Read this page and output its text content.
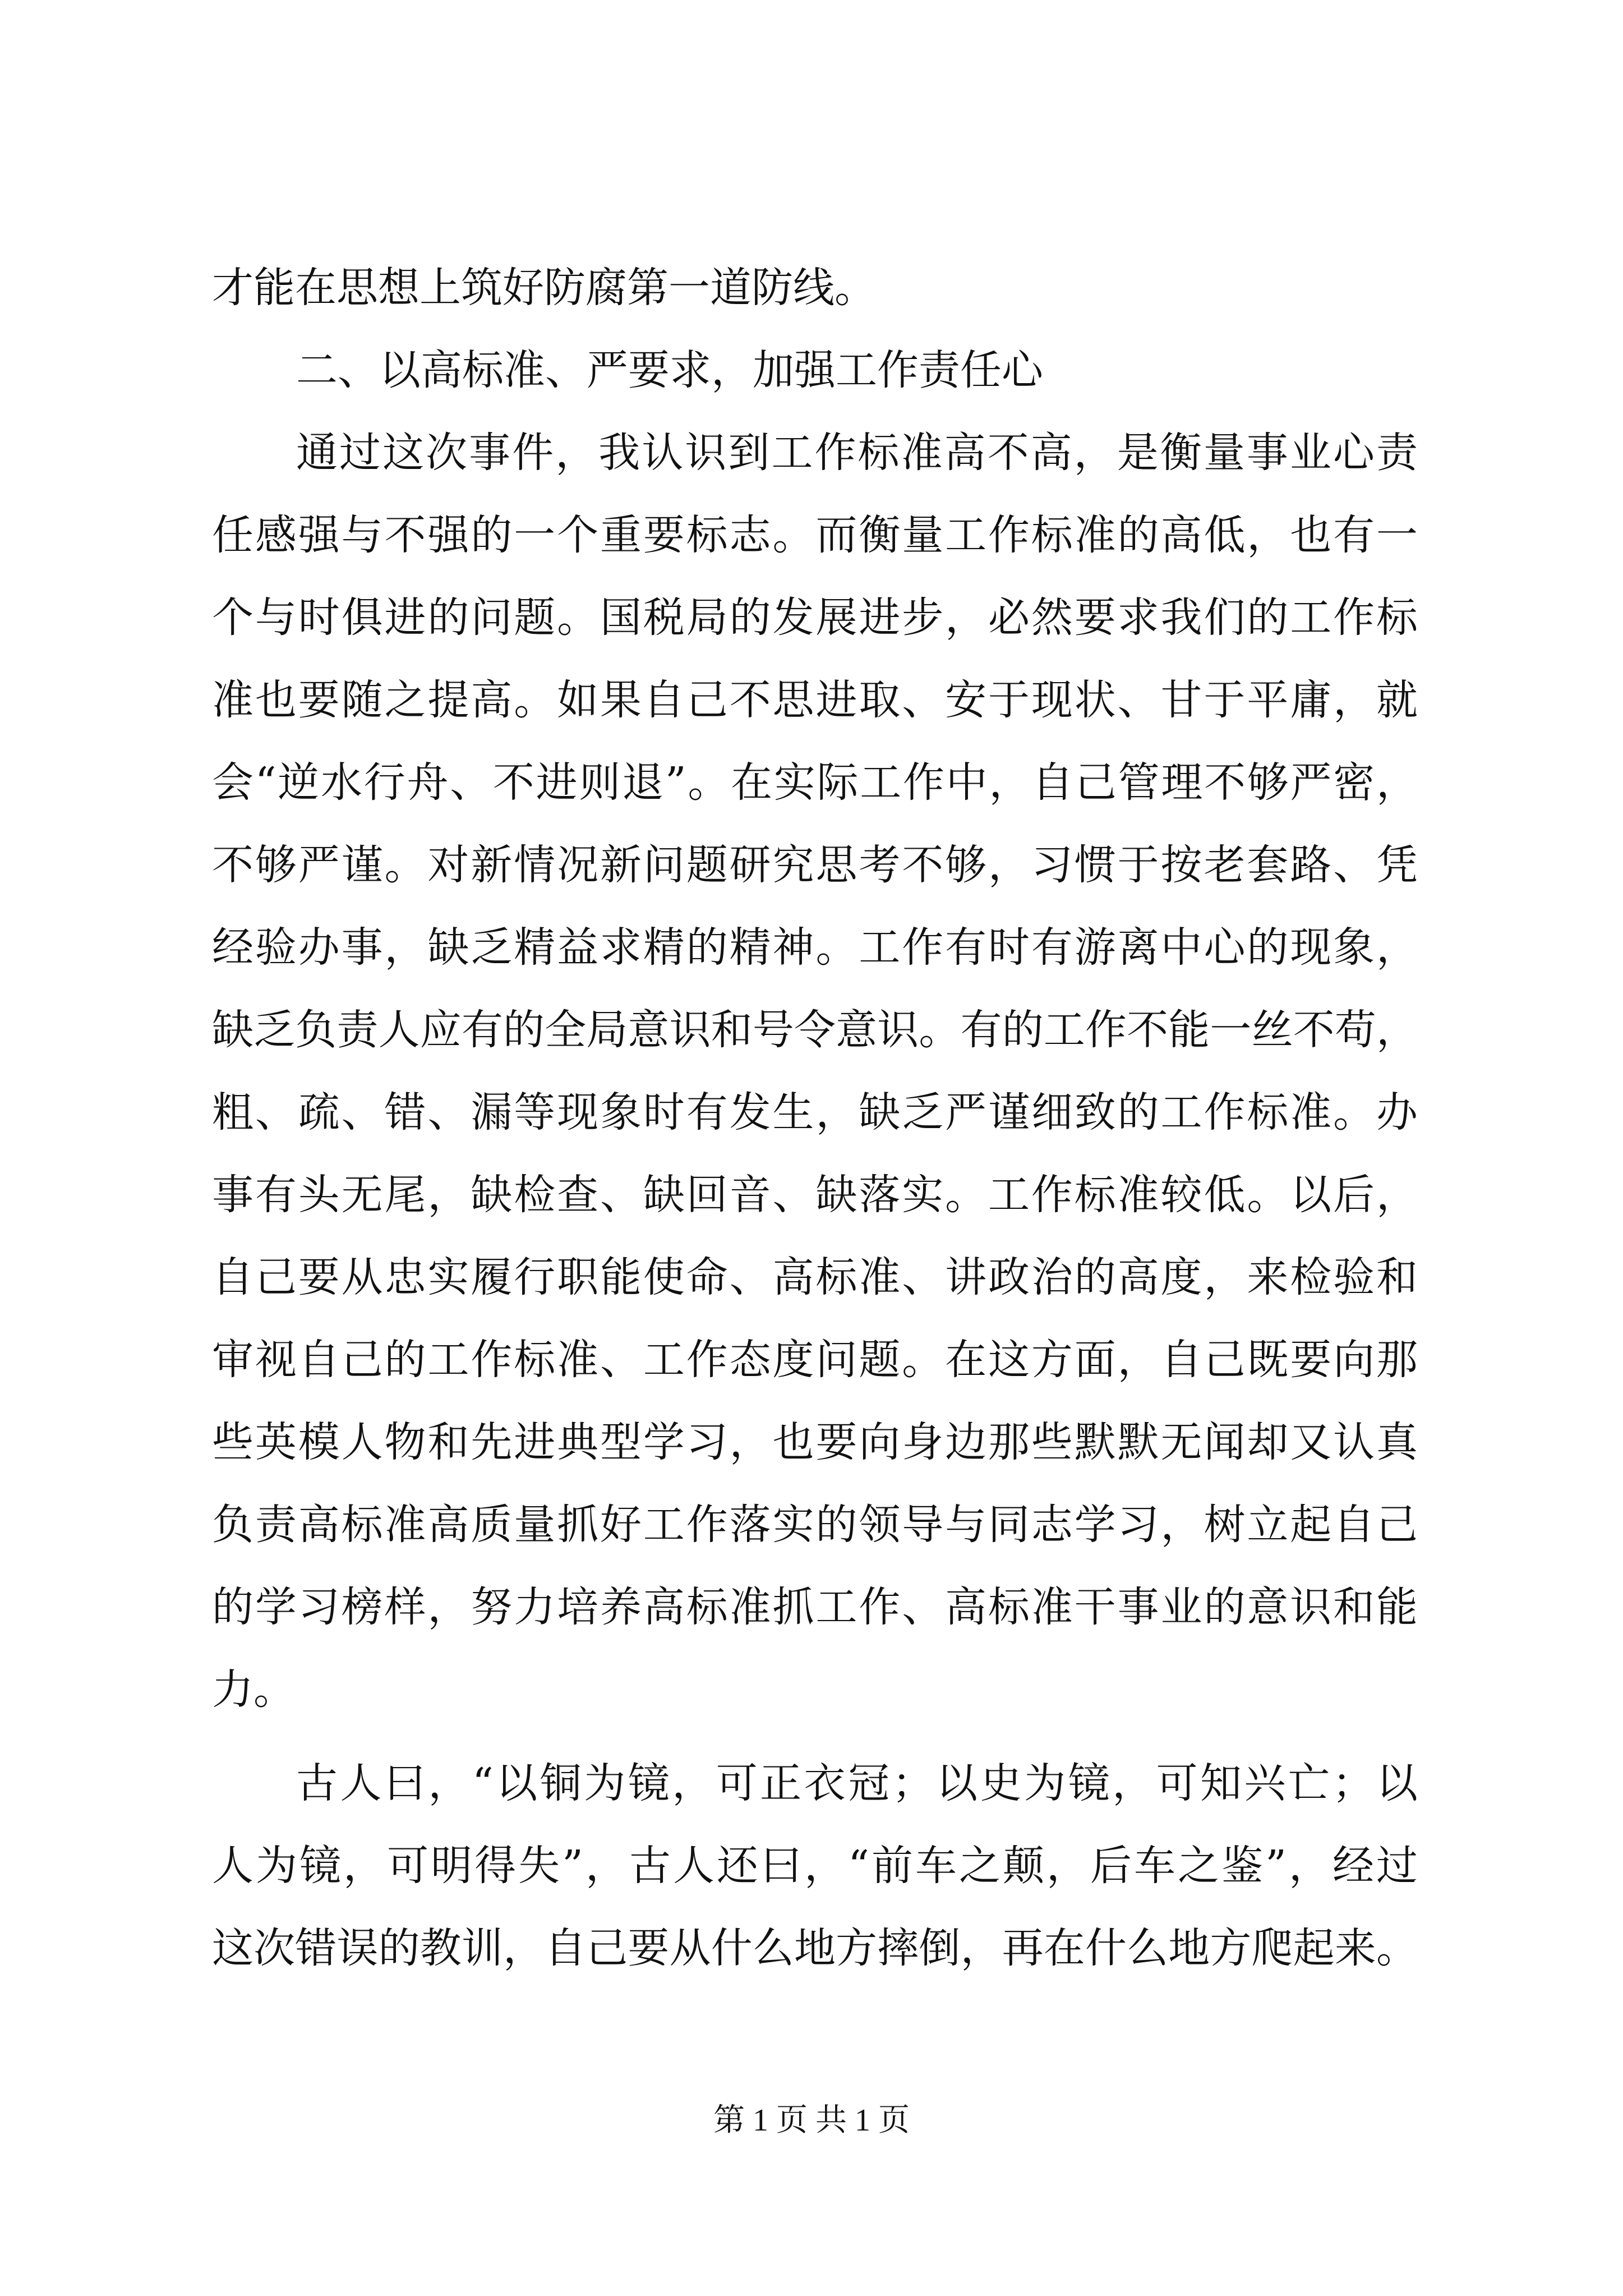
才能在思想上筑好防腐第一道防线。
二、以高标准、严要求，加强工作责任心
通过这次事件，我认识到工作标准高不高，是衡量事业心责
任感强与不强的一个重要标志。而衡量工作标准的高低，也有一
个与时俱进的问题。国税局的发展进步，必然要求我们的工作标
准也要随之提高。如果自己不思进取、安于现状、甘于平庸，就
会“逆水行舟、不进则退”。在实际工作中，自己管理不够严密，
不够严谨。对新情况新问题研究思考不够，习惯于按老套路、凭
经验办事，缺乏精益求精的精神。工作有时有游离中心的现象，
缺乏负责人应有的全局意识和号令意识。有的工作不能一丝不苟，
粗、疏、错、漏等现象时有发生，缺乏严谨细致的工作标准。办
事有头无尾，缺检查、缺回音、缺落实。工作标准较低。以后，
自己要从忠实履行职能使命、高标准、讲政治的高度，来检验和
审视自己的工作标准、工作态度问题。在这方面，自己既要向那
些英模人物和先进典型学习，也要向身边那些默默无闻却又认真
负责高标准高质量抓好工作落实的领导与同志学习，树立起自己
的学习榜样，努力培养高标准抓工作、高标准干事业的意识和能
力。
古人曰，“以铜为镜，可正衣冠；以史为镜，可知兴亡；以
人为镜，可明得失”，古人还曰，“前车之颠，后车之鉴”，经过
这次错误的教训，自己要从什么地方摔倒，再在什么地方爬起来。
第 1 页 共 1 页
